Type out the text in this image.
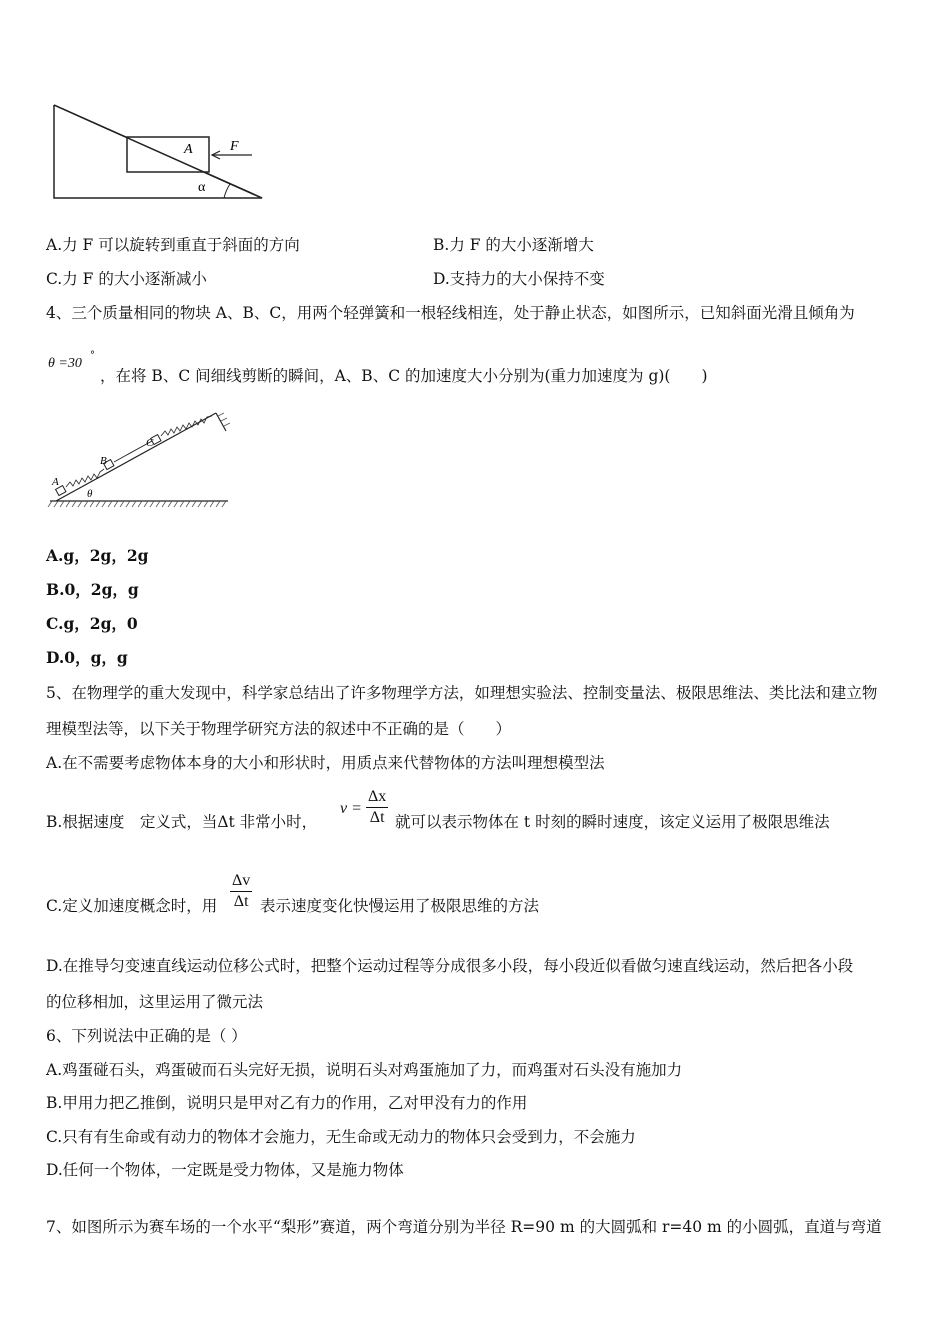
A	F
α
A.力 F 可以旋转到重直于斜面的方向	B.力 F 的大小逐渐增大
C.力 F 的大小逐渐减小	D.支持力的大小保持不变
4、三个质量相同的物块 A、B、C，用两个轻弹簧和一根轻线相连，处于静止状态，如图所示，已知斜面光滑且倾角为
θ =30
°
，在将 B、C 间细线剪断的瞬间，A、B、C 的加速度大小分别为(重力加速度为 g)(　　)
A
B
C
θ
A.g，2g，2g
B.0，2g，g
C.g，2g，0
D.0，g，g
5、在物理学的重大发现中，科学家总结出了许多物理学方法，如理想实验法、控制变量法、极限思维法、类比法和建立物
理模型法等，以下关于物理学研究方法的叙述中不正确的是（　　）
A.在不需要考虑物体本身的大小和形状时，用质点来代替物体的方法叫理想模型法
B.根据速度　定义式，当Δt 非常小时，
$v = \frac{\Delta x}{\Delta t}$ 就可以表示物体在 t 时刻的瞬时速度，该定义运用了极限思维法
C.定义加速度概念时，用 $\frac{\Delta v}{\Delta t}$ 表示速度变化快慢运用了极限思维的方法
D.在推导匀变速直线运动位移公式时，把整个运动过程等分成很多小段，每小段近似看做匀速直线运动，然后把各小段
的位移相加，这里运用了微元法
6、下列说法中正确的是（ ）
A.鸡蛋碰石头，鸡蛋破而石头完好无损，说明石头对鸡蛋施加了力，而鸡蛋对石头没有施加力
B.甲用力把乙推倒，说明只是甲对乙有力的作用，乙对甲没有力的作用
C.只有有生命或有动力的物体才会施力，无生命或无动力的物体只会受到力，不会施力
D.任何一个物体，一定既是受力物体，又是施力物体
7、如图所示为赛车场的一个水平“梨形”赛道，两个弯道分别为半径 R=90 m 的大圆弧和 r=40 m 的小圆弧，直道与弯道
